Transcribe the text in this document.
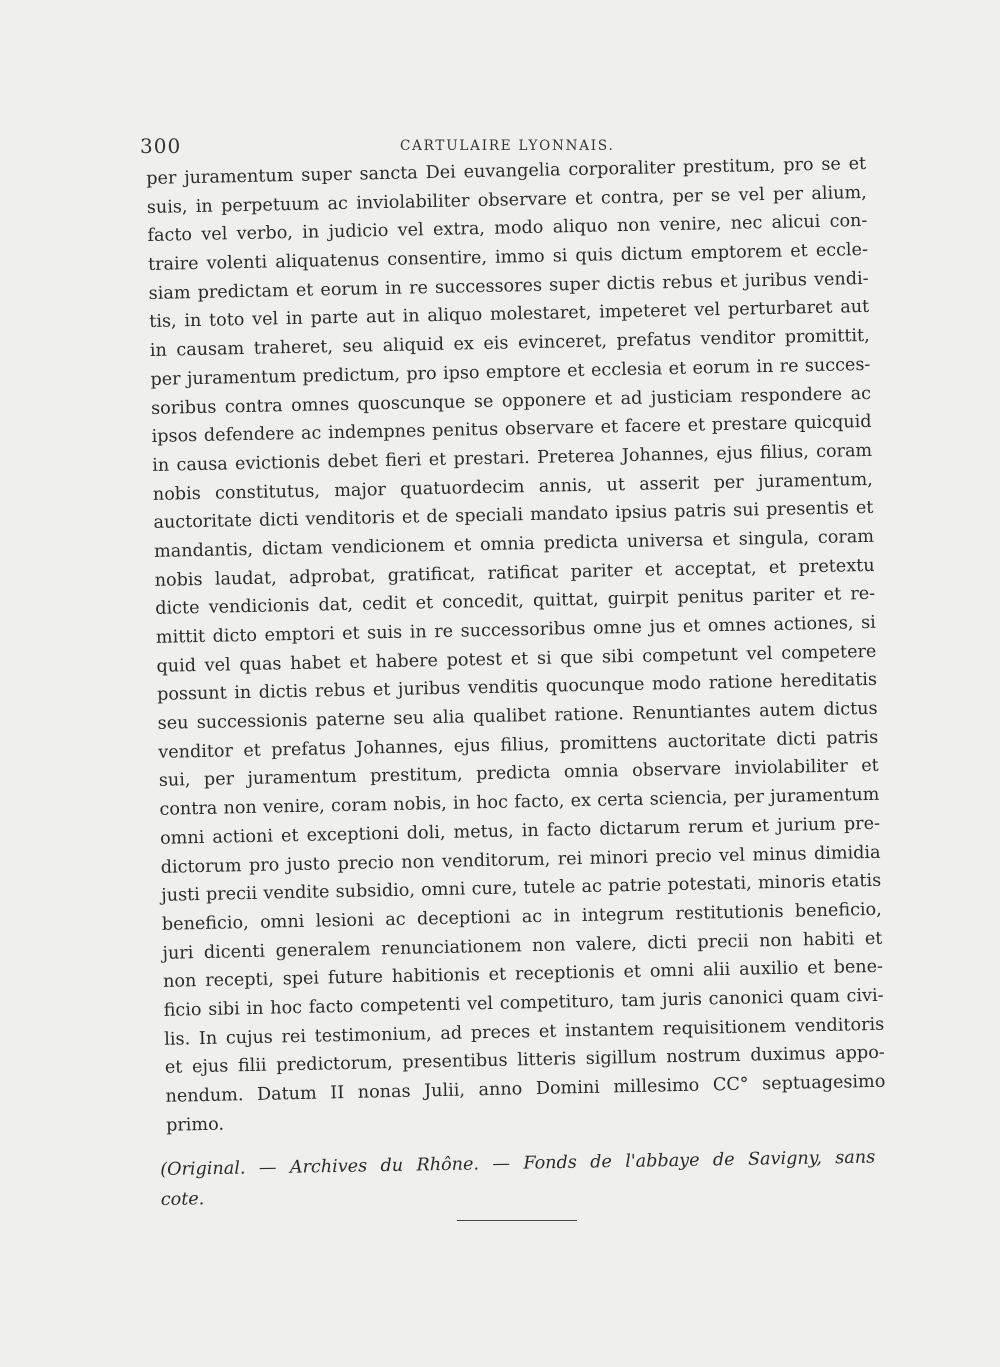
300	CARTULAIRE LYONNAIS.
per juramentum super sancta Dei euvangelia corporaliter prestitum, pro se et
suis, in perpetuum ac inviolabiliter observare et contra, per se vel per alium,
facto vel verbo, in judicio vel extra, modo aliquo non venire, nec alicui con-
traire volenti aliquatenus consentire, immo si quis dictum emptorem et eccle-
siam predictam et eorum in re successores super dictis rebus et juribus vendi-
tis, in toto vel in parte aut in aliquo molestaret, impeteret vel perturbaret aut
in causam traheret, seu aliquid ex eis evinceret, prefatus venditor promittit,
per juramentum predictum, pro ipso emptore et ecclesia et eorum in re succes-
soribus contra omnes quoscunque se opponere et ad justiciam respondere ac
ipsos defendere ac indempnes penitus observare et facere et prestare quicquid
in causa evictionis debet fieri et prestari. Preterea Johannes, ejus filius, coram
nobis constitutus, major quatuordecim annis, ut asserit per juramentum,
auctoritate dicti venditoris et de speciali mandato ipsius patris sui presentis et
mandantis, dictam vendicionem et omnia predicta universa et singula, coram
nobis laudat, adprobat, gratificat, ratificat pariter et acceptat, et pretextu
dicte vendicionis dat, cedit et concedit, quittat, guirpit penitus pariter et re-
mittit dicto emptori et suis in re successoribus omne jus et omnes actiones, si
quid vel quas habet et habere potest et si que sibi competunt vel competere
possunt in dictis rebus et juribus venditis quocunque modo ratione hereditatis
seu successionis paterne seu alia qualibet ratione. Renuntiantes autem dictus
venditor et prefatus Johannes, ejus filius, promittens auctoritate dicti patris
sui, per juramentum prestitum, predicta omnia observare inviolabiliter et
contra non venire, coram nobis, in hoc facto, ex certa sciencia, per juramentum
omni actioni et exceptioni doli, metus, in facto dictarum rerum et jurium pre-
dictorum pro justo precio non venditorum, rei minori precio vel minus dimidia
justi precii vendite subsidio, omni cure, tutele ac patrie potestati, minoris etatis
beneficio, omni lesioni ac deceptioni ac in integrum restitutionis beneficio,
juri dicenti generalem renunciationem non valere, dicti precii non habiti et
non recepti, spei future habitionis et receptionis et omni alii auxilio et bene-
ficio sibi in hoc facto competenti vel competituro, tam juris canonici quam civi-
lis. In cujus rei testimonium, ad preces et instantem requisitionem venditoris
et ejus filii predictorum, presentibus litteris sigillum nostrum duximus appo-
nendum. Datum II nonas Julii, anno Domini millesimo CC° septuagesimo
primo.
(Original. — Archives du Rhône. — Fonds de l'abbaye de Savigny, sans
cote.
